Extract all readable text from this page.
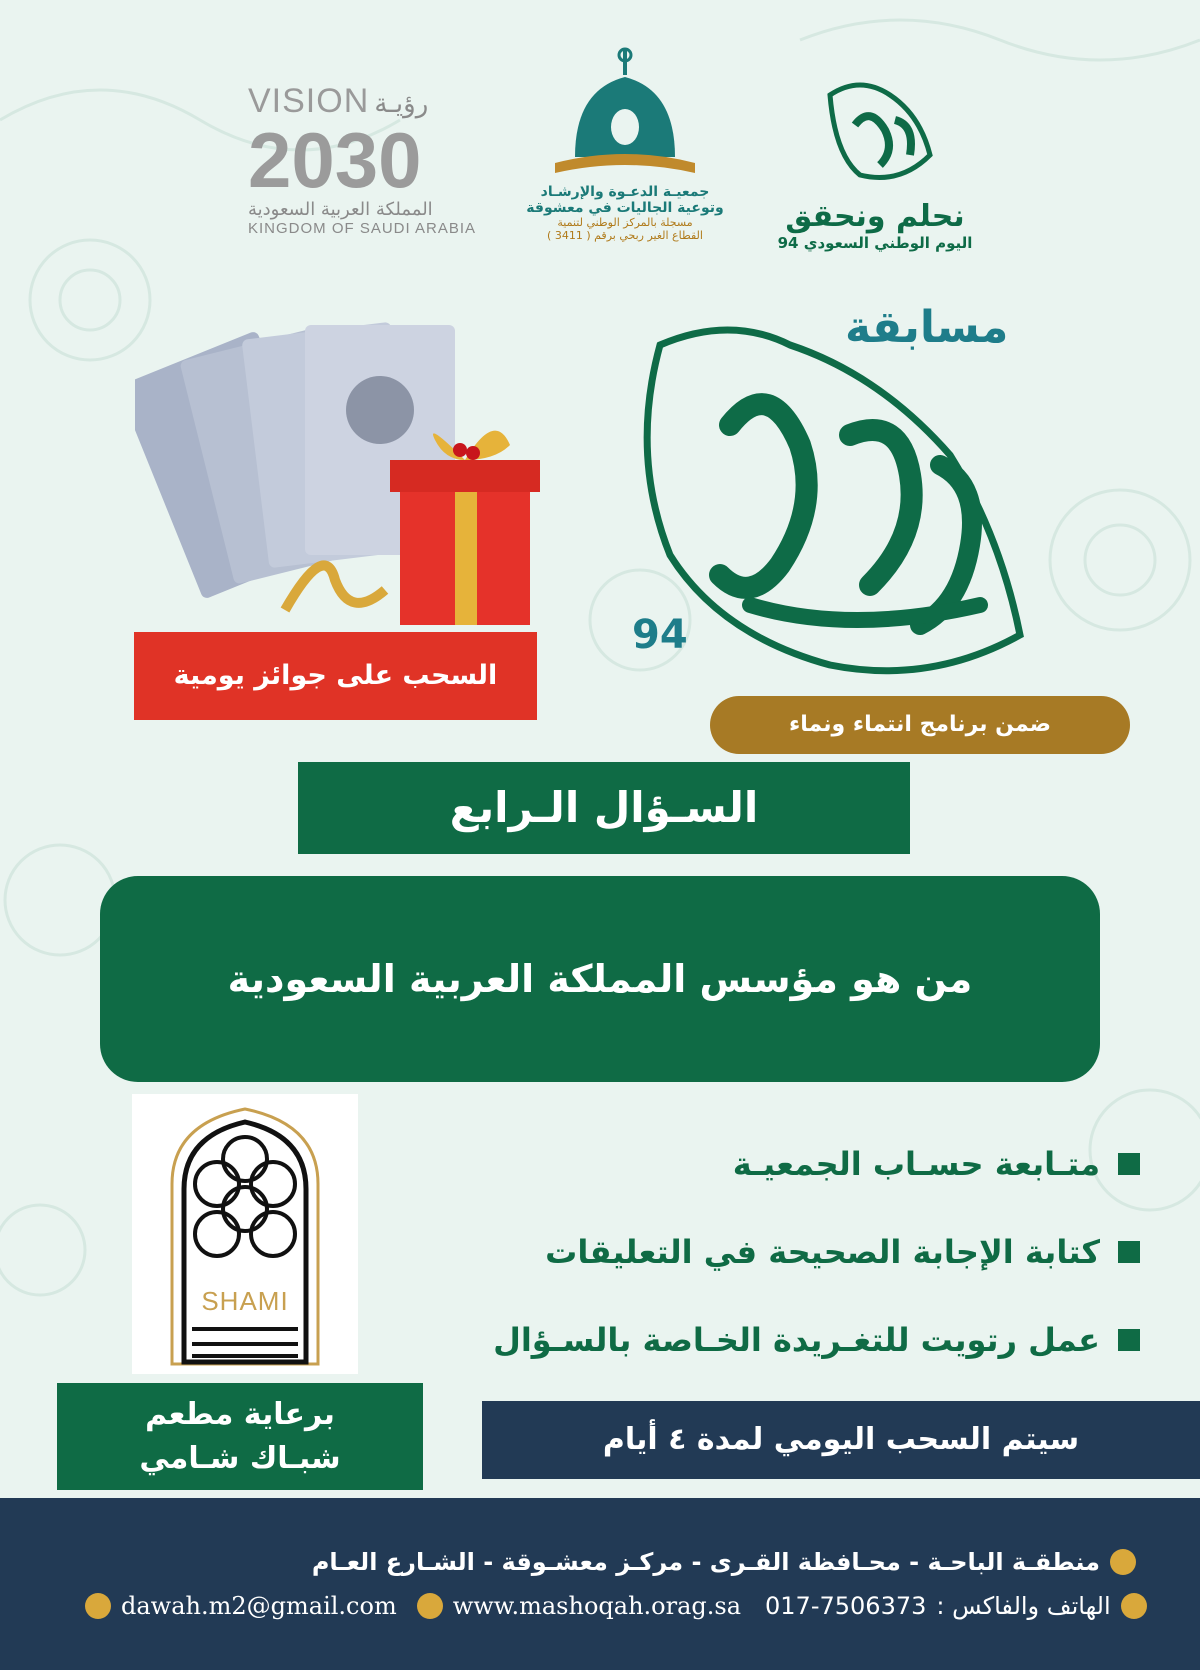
VISION رؤيـة
2030
المملكة العربية السعودية
KINGDOM OF SAUDI ARABIA
جمعيـة الدعـوة والإرشـاد
وتوعية الجاليات في معشوقة
مسجلة بالمركز الوطني لتنمية
القطاع الغير ربحي برقم ( 3411 )
نحلم ونحقق
اليوم الوطني السعودي 94
مسابقة
94
ضمن برنامج انتماء ونماء
السحب على جوائز يومية
السـؤال الـرابع
من هو مؤسس المملكة العربية السعودية
متـابعة حسـاب الجمعيـة
كتابة الإجابة الصحيحة في التعليقات
عمل رتويت للتغـريدة الخـاصة بالسـؤال
SHAMI
برعاية مطعم
شبـاك شـامي
سيتم السحب اليومي لمدة ٤ أيام
منطقـة الباحـة - محـافظة القـرى - مركـز معشـوقة - الشـارع العـام
dawah.m2@gmail.com www.mashoqah.orag.sa 017-7506373 الهاتف والفاكس :
